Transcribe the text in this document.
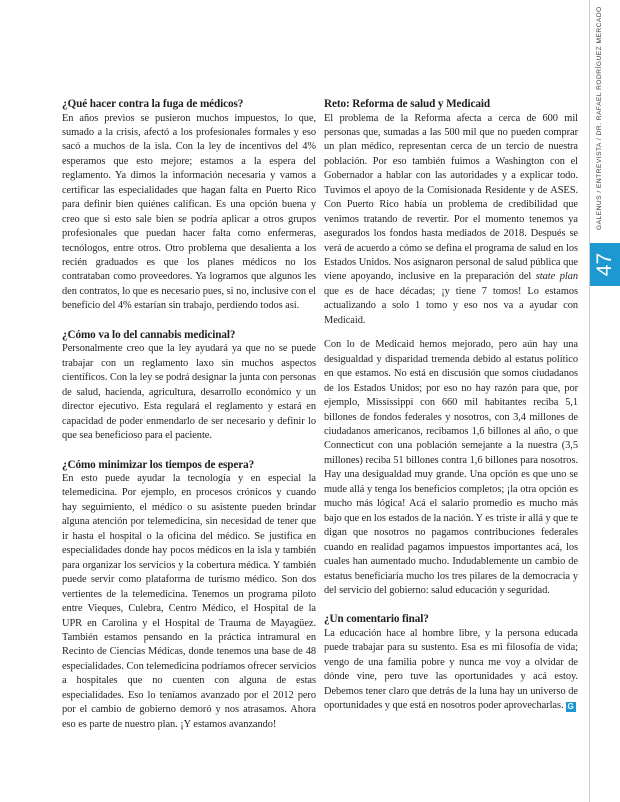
GALENUS / ENTREVISTA / DR. RAFAEL RODRÍGUEZ MERCADO
47

¿Qué hacer contra la fuga de médicos?

En años previos se pusieron muchos impuestos, lo que, sumado a la crisis, afectó a los profesionales formales y eso sacó a muchos de la isla. Con la ley de incentivos del 4% esperamos que esto mejore; estamos a la espera del reglamento. Ya dimos la información necesaria y vamos a certificar las especialidades que hagan falta en Puerto Rico para definir bien quiénes califican. Es una opción buena y creo que si esto sale bien se podría aplicar a otros grupos profesionales que puedan hacer falta como enfermeras, tecnólogos, entre otros. Otro problema que desalienta a los recién graduados es que los planes médicos no los contrataban como proveedores. Ya logramos que algunos les den contratos, lo que es necesario pues, si no, inclusive con el beneficio del 4% estarían sin trabajo, perdiendo todos así.

¿Cómo va lo del cannabis medicinal?

Personalmente creo que la ley ayudará ya que no se puede trabajar con un reglamento laxo sin muchos aspectos científicos. Con la ley se podrá designar la junta con personas de salud, hacienda, agricultura, desarrollo económico y un director ejecutivo. Esta regulará el reglamento y estará en capacidad de poder enmendarlo de ser necesario y definir lo que sea beneficioso para el paciente.

¿Cómo minimizar los tiempos de espera?

En esto puede ayudar la tecnología y en especial la telemedicina. Por ejemplo, en procesos crónicos y cuando hay seguimiento, el médico o su asistente pueden brindar alguna atención por telemedicina, sin necesidad de tener que ir hasta el hospital o la oficina del médico. Se justifica en especialidades donde hay pocos médicos en la isla y también para organizar los servicios y la cobertura médica. Y también puede servir como plataforma de turismo médico. Son dos vertientes de la telemedicina. Tenemos un programa piloto entre Vieques, Culebra, Centro Médico, el Hospital de la UPR en Carolina y el Hospital de Trauma de Mayagüez. También estamos pensando en la práctica intramural en Recinto de Ciencias Médicas, donde tenemos una base de 48 especialidades. Con telemedicina podríamos ofrecer servicios a hospitales que no cuenten con alguna de estas especialidades. Eso lo teníamos avanzado por el 2012 pero por el cambio de gobierno demoró y nos atrasamos. Ahora eso es parte de nuestro plan. ¡Y estamos avanzando!

Reto: Reforma de salud y Medicaid

El problema de la Reforma afecta a cerca de 600 mil personas que, sumadas a las 500 mil que no pueden comprar un plan médico, representan cerca de un tercio de nuestra población. Por eso también fuimos a Washington con el Gobernador a hablar con las autoridades y a explicar todo. Tuvimos el apoyo de la Comisionada Residente y de ASES. Con Puerto Rico había un problema de credibilidad que venimos tratando de revertir. Por el momento tenemos ya asegurados los fondos hasta mediados de 2018. Después se verá de acuerdo a cómo se defina el programa de salud en los Estados Unidos. Nos asignaron personal de salud pública que viene apoyando, inclusive en la preparación del state plan que es de hace décadas; ¡y tiene 7 tomos! Lo estamos actualizando a solo 1 tomo y eso nos va a ayudar con Medicaid.

Con lo de Medicaid hemos mejorado, pero aún hay una desigualdad y disparidad tremenda debido al estatus político en que estamos. No está en discusión que somos ciudadanos de los Estados Unidos; por eso no hay razón para que, por ejemplo, Mississippi con 660 mil habitantes reciba 5,1 billones de fondos federales y nosotros, con 3,4 millones de ciudadanos americanos, recibamos 1,6 billones al año, o que Connecticut con una población semejante a la nuestra (3,5 millones) reciba 51 billones contra 1,6 billones para nosotros. Hay una desigualdad muy grande. Una opción es que uno se mude allá y tenga los beneficios completos; ¡la otra opción es mucho más lógica! Acá el salario promedio es mucho más bajo que en los estados de la nación. Y es triste ir allá y que te digan que nosotros no pagamos contribuciones federales cuando en realidad pagamos impuestos importantes acá, los cuales han aumentado mucho. Indudablemente un cambio de estatus beneficiaría mucho los tres pilares de la democracia y del servicio del gobierno: salud educación y seguridad.

¿Un comentario final?

La educación hace al hombre libre, y la persona educada puede trabajar para su sustento. Esa es mi filosofía de vida; vengo de una familia pobre y nunca me voy a olvidar de dónde vine, pero tuve las oportunidades y acá estoy. Debemos tener claro que detrás de la luna hay un universo de oportunidades y que está en nosotros poder aprovecharlas. G
